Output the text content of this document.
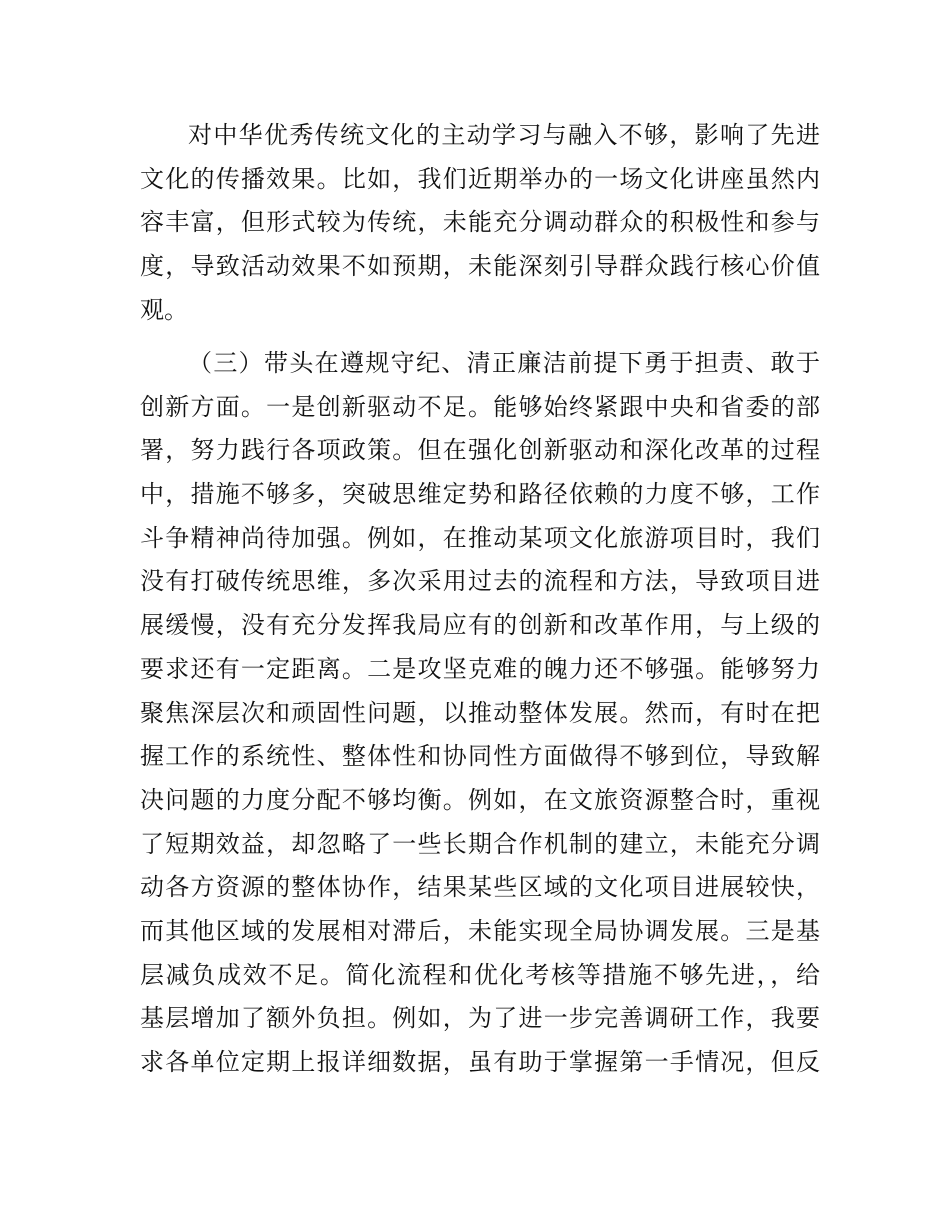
对中华优秀传统文化的主动学习与融入不够，影响了先进
文化的传播效果。比如，我们近期举办的一场文化讲座虽然内
容丰富，但形式较为传统，未能充分调动群众的积极性和参与
度，导致活动效果不如预期，未能深刻引导群众践行核心价值
观。
（三）带头在遵规守纪、清正廉洁前提下勇于担责、敢于
创新方面。一是创新驱动不足。能够始终紧跟中央和省委的部
署，努力践行各项政策。但在强化创新驱动和深化改革的过程
中，措施不够多，突破思维定势和路径依赖的力度不够，工作
斗争精神尚待加强。例如，在推动某项文化旅游项目时，我们
没有打破传统思维，多次采用过去的流程和方法，导致项目进
展缓慢，没有充分发挥我局应有的创新和改革作用，与上级的
要求还有一定距离。二是攻坚克难的魄力还不够强。能够努力
聚焦深层次和顽固性问题，以推动整体发展。然而，有时在把
握工作的系统性、整体性和协同性方面做得不够到位，导致解
决问题的力度分配不够均衡。例如，在文旅资源整合时，重视
了短期效益，却忽略了一些长期合作机制的建立，未能充分调
动各方资源的整体协作，结果某些区域的文化项目进展较快，
而其他区域的发展相对滞后，未能实现全局协调发展。三是基
层减负成效不足。简化流程和优化考核等措施不够先进，，给
基层增加了额外负担。例如，为了进一步完善调研工作，我要
求各单位定期上报详细数据，虽有助于掌握第一手情况，但反
